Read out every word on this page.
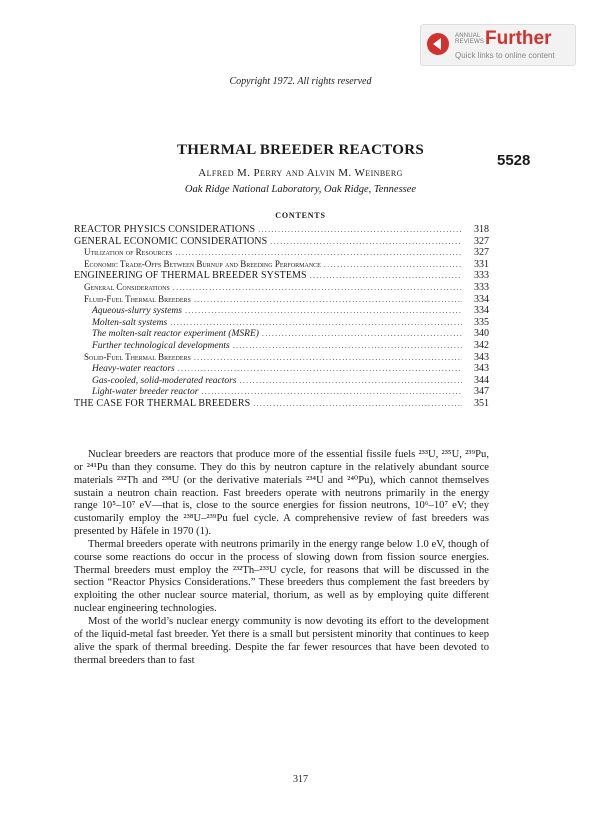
ANNUAL REVIEWS Further
Quick links to online content
Copyright 1972. All rights reserved
THERMAL BREEDER REACTORS
5528
Alfred M. Perry and Alvin M. Weinberg
Oak Ridge National Laboratory, Oak Ridge, Tennessee
CONTENTS
REACTOR PHYSICS CONSIDERATIONS .....	318
GENERAL ECONOMIC CONSIDERATIONS .....	327
Utilization of Resources .....	327
Economic Trade-Offs Between Burnup and Breeding Performance .....	331
ENGINEERING OF THERMAL BREEDER SYSTEMS .....	333
General Considerations .....	333
Fluid-Fuel Thermal Breeders .....	334
Aqueous-slurry systems .....	334
Molten-salt systems .....	335
The molten-salt reactor experiment (MSRE) .....	340
Further technological developments .....	342
Solid-Fuel Thermal Breeders .....	343
Heavy-water reactors .....	343
Gas-cooled, solid-moderated reactors .....	344
Light-water breeder reactor .....	347
THE CASE FOR THERMAL BREEDERS .....	351

Nuclear breeders are reactors that produce more of the essential fissile fuels ²³³U, ²³⁵U, ²³⁹Pu, or ²⁴¹Pu than they consume. They do this by neutron capture in the relatively abundant source materials ²³²Th and ²³⁸U (or the derivative materials ²³⁴U and ²⁴⁰Pu), which cannot themselves sustain a neutron chain reaction. Fast breeders operate with neutrons primarily in the energy range 10⁵–10⁷ eV—that is, close to the source energies for fission neutrons, 10⁶–10⁷ eV; they customarily employ the ²³⁸U–²³⁹Pu fuel cycle. A comprehensive review of fast breeders was presented by Häfele in 1970 (1).

Thermal breeders operate with neutrons primarily in the energy range below 1.0 eV, though of course some reactions do occur in the process of slowing down from fission source energies. Thermal breeders must employ the ²³²Th–²³³U cycle, for reasons that will be discussed in the section “Reactor Physics Considerations.” These breeders thus complement the fast breeders by exploiting the other nuclear source material, thorium, as well as by employing quite different nuclear engineering technologies.

Most of the world’s nuclear energy community is now devoting its effort to the development of the liquid-metal fast breeder. Yet there is a small but persistent minority that continues to keep alive the spark of thermal breeding. Despite the far fewer resources that have been devoted to thermal breeders than to fast

317
